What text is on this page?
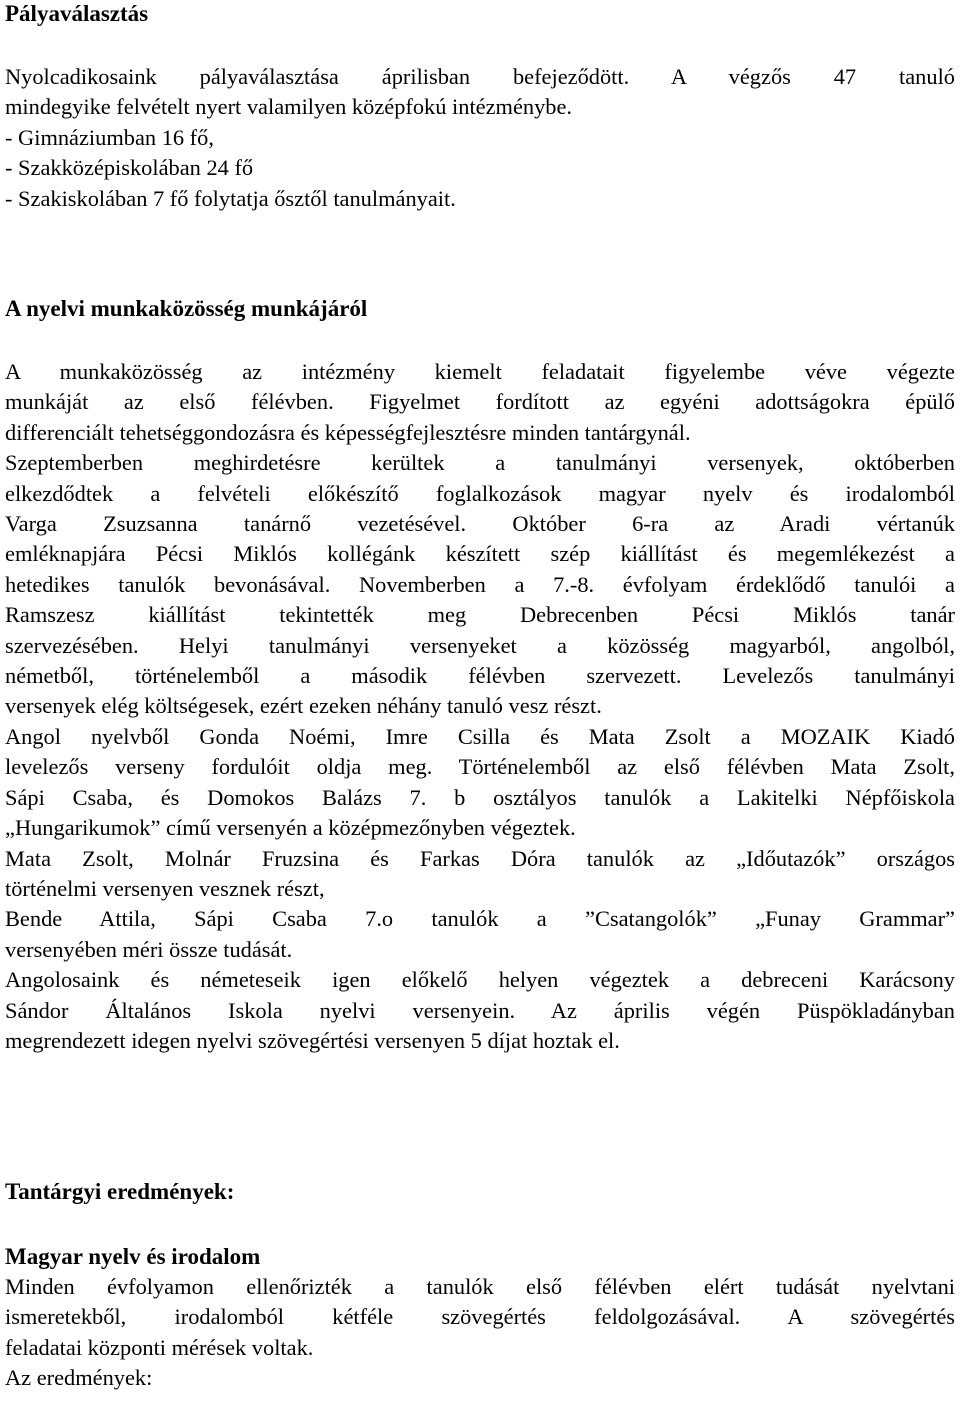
Pályaválasztás
Nyolcadikosaink pályaválasztása áprilisban befejeződött. A végzős 47 tanuló
mindegyike felvételt nyert valamilyen középfokú intézménybe.
- Gimnáziumban 16 fő,
- Szakközépiskolában 24 fő
- Szakiskolában 7 fő folytatja ősztől tanulmányait.
A nyelvi munkaközösség munkájáról
A munkaközösség az intézmény kiemelt feladatait figyelembe véve végezte
munkáját az első félévben. Figyelmet fordított az egyéni adottságokra épülő
differenciált tehetséggondozásra és képességfejlesztésre minden tantárgynál.
Szeptemberben meghirdetésre kerültek a tanulmányi versenyek, októberben
elkezdődtek a felvételi előkészítő foglalkozások magyar nyelv és irodalomból
Varga Zsuzsanna tanárnő vezetésével. Október 6-ra az Aradi vértanúk
emléknapjára Pécsi Miklós kollégánk készített szép kiállítást és megemlékezést a
hetedikes tanulók bevonásával. Novemberben a 7.-8. évfolyam érdeklődő tanulói a
Ramszesz kiállítást tekintették meg Debrecenben Pécsi Miklós tanár
szervezésében. Helyi tanulmányi versenyeket a közösség magyarból, angolból,
németből, történelemből a második félévben szervezett. Levelezős tanulmányi
versenyek elég költségesek, ezért ezeken néhány tanuló vesz részt.
Angol nyelvből Gonda Noémi, Imre Csilla és Mata Zsolt a MOZAIK Kiadó
levelezős verseny fordulóit oldja meg. Történelemből az első félévben Mata Zsolt,
Sápi Csaba, és Domokos Balázs 7. b osztályos tanulók a Lakitelki Népfőiskola
„Hungarikumok” című versenyén a középmezőnyben végeztek.
Mata Zsolt, Molnár Fruzsina és Farkas Dóra tanulók az „Időutazók” országos
történelmi versenyen vesznek részt,
Bende Attila, Sápi Csaba 7.o tanulók a ”Csatangolók” „Funay Grammar”
versenyében méri össze tudását.
Angolosaink és németeseik igen előkelő helyen végeztek a debreceni Karácsony
Sándor Általános Iskola nyelvi versenyein. Az április végén Püspökladányban
megrendezett idegen nyelvi szövegértési versenyen 5 díjat hoztak el.
Tantárgyi eredmények:
Magyar nyelv és irodalom
Minden évfolyamon ellenőrizték a tanulók első félévben elért tudását nyelvtani
ismeretekből, irodalomból kétféle szövegértés feldolgozásával. A szövegértés
feladatai központi mérések voltak.
Az eredmények:
